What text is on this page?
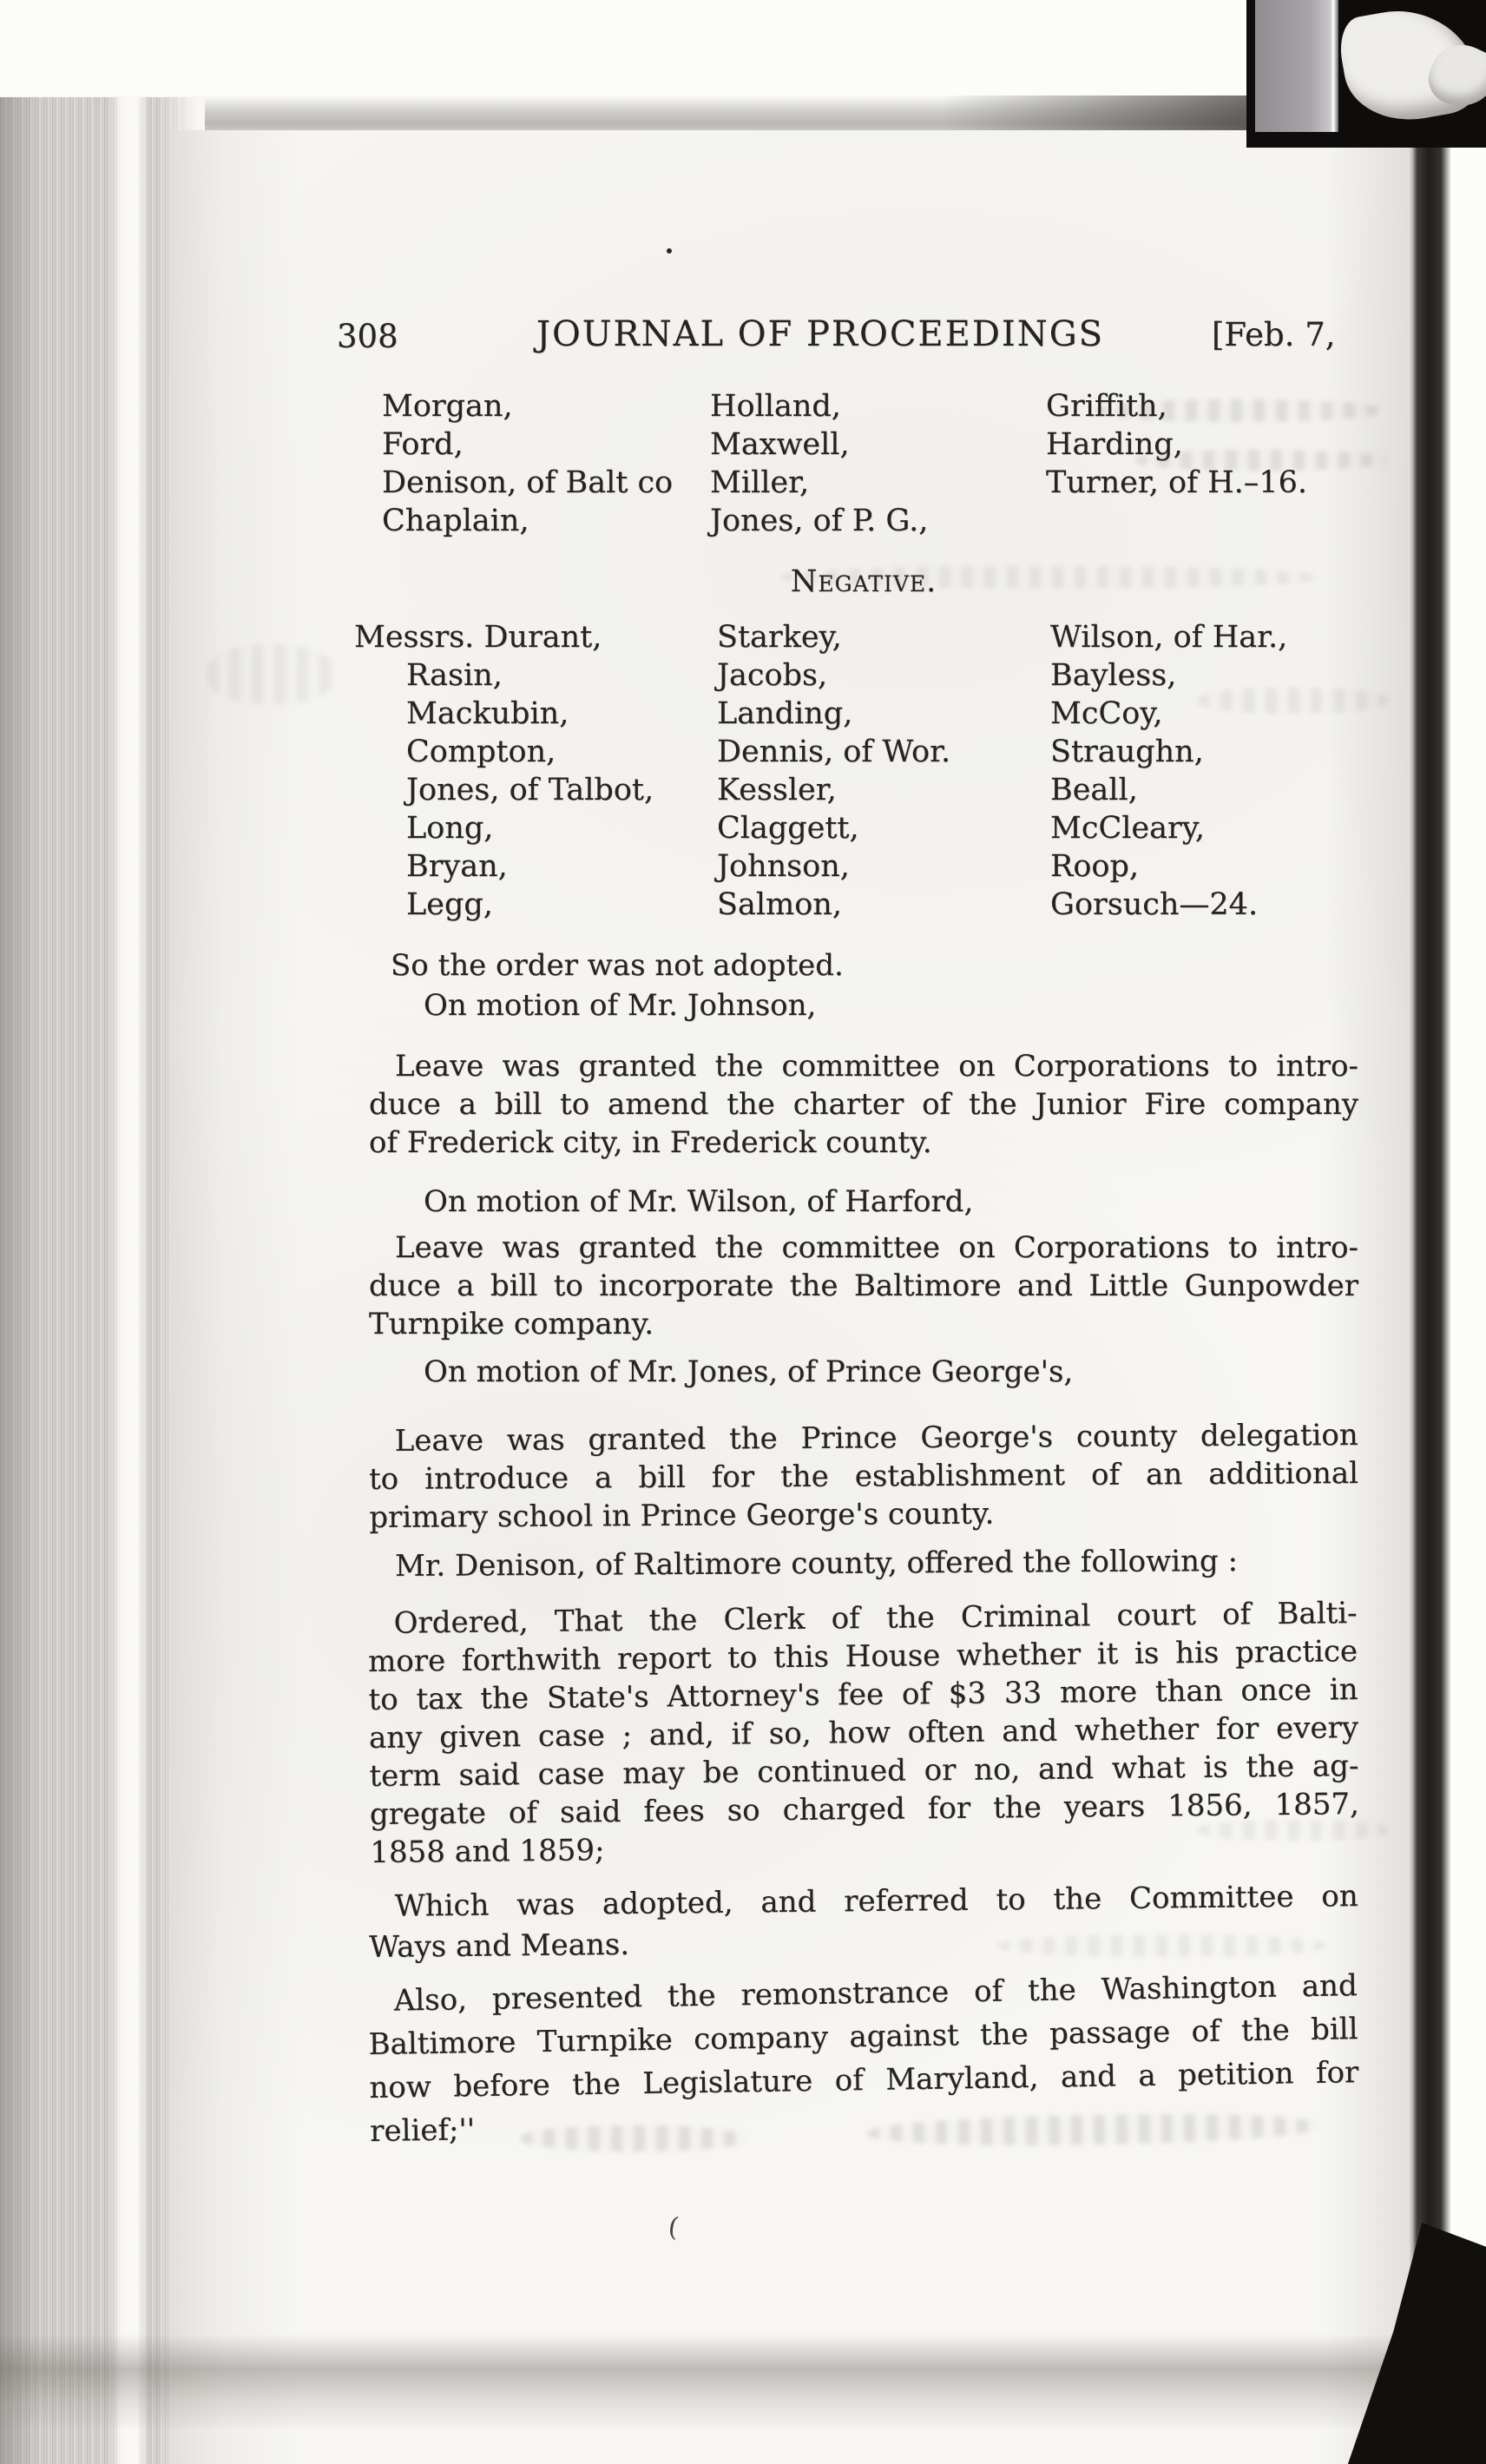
(
308	JOURNAL OF PROCEEDINGS	[Feb. 7,
Morgan,
Ford,
Denison, of Balt co
Chaplain,
Holland,
Maxwell,
Miller,
Jones, of P. G.,
Griffith,
Harding,
Turner, of H.–16.
Negative.
Messrs. Durant,
Rasin,
Mackubin,
Compton,
Jones, of Talbot,
Long,
Bryan,
Legg,
Starkey,
Jacobs,
Landing,
Dennis, of Wor.
Kessler,
Claggett,
Johnson,
Salmon,
Wilson, of Har.,
Bayless,
McCoy,
Straughn,
Beall,
McCleary,
Roop,
Gorsuch—24.
So the order was not adopted.
On motion of Mr. Johnson,
Leave was granted the committee on Corporations to intro-
duce a bill to amend the charter of the Junior Fire company
of Frederick city, in Frederick county.
On motion of Mr. Wilson, of Harford,
Leave was granted the committee on Corporations to intro-
duce a bill to incorporate the Baltimore and Little Gunpowder
Turnpike company.
On motion of Mr. Jones, of Prince George's,
Leave was granted the Prince George's county delegation
to introduce a bill for the establishment of an additional
primary school in Prince George's county.
Mr. Denison, of Raltimore county, offered the following :
Ordered, That the Clerk of the Criminal court of Balti-
more forthwith report to this House whether it is his practice
to tax the State's Attorney's fee of $3 33 more than once in
any given case ; and, if so, how often and whether for every
term said case may be continued or no, and what is the ag-
gregate of said fees so charged for the years 1856, 1857,
1858 and 1859;
Which was adopted, and referred to the Committee on
Ways and Means.
Also, presented the remonstrance of the Washington and
Baltimore Turnpike company against the passage of the bill
now before the Legislature of Maryland, and a petition for
relief;''
